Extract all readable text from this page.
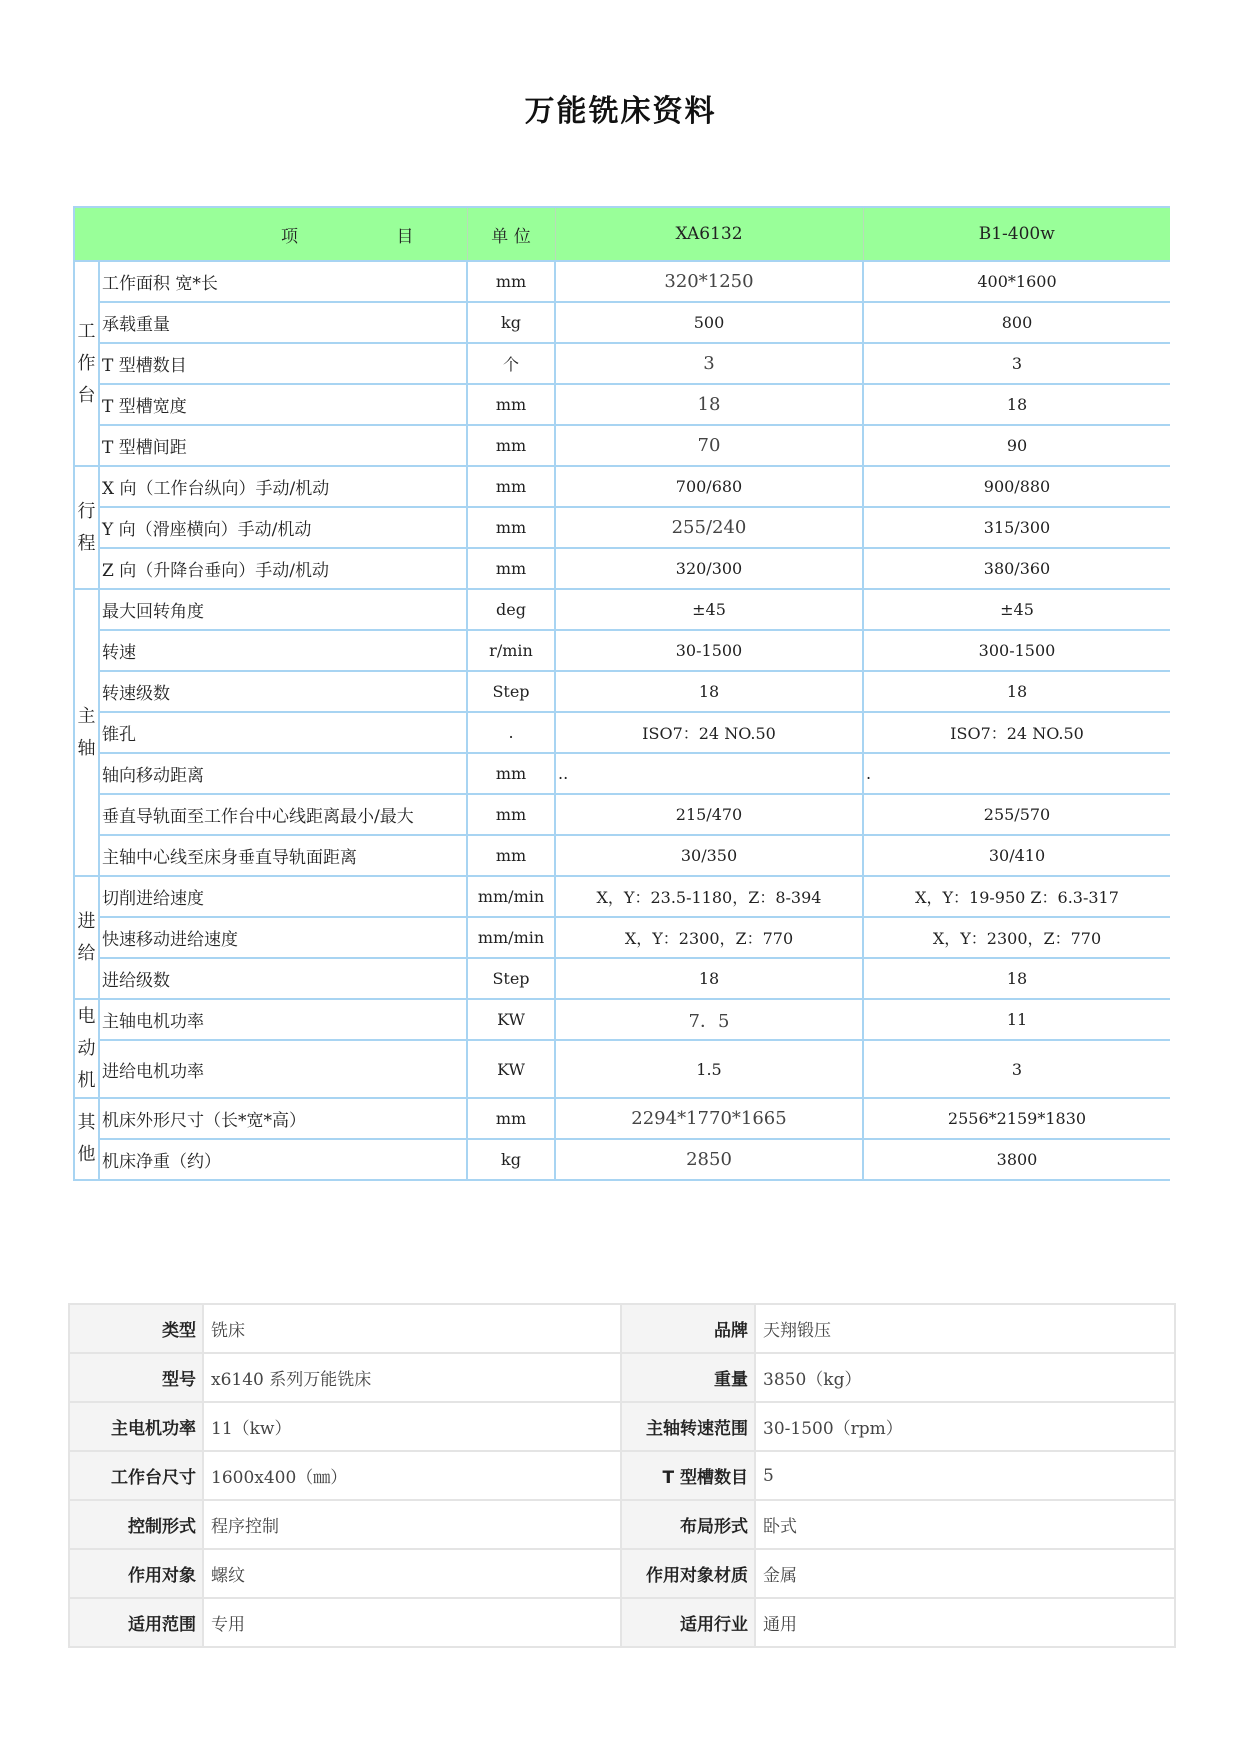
万能铣床资料
项 目		单 位	XA6132	B1-400w
工作台	工作面积 宽*长	mm	320*1250	400*1600
	承载重量	kg	500	800
	T 型槽数目	个	3	3
	T 型槽宽度	mm	18	18
	T 型槽间距	mm	70	90
行程	X 向（工作台纵向）手动/机动	mm	700/680	900/880
	Y 向（滑座横向）手动/机动	mm	255/240	315/300
	Z 向（升降台垂向）手动/机动	mm	320/300	380/360
主轴	最大回转角度	deg	±45	±45
	转速	r/min	30-1500	300-1500
	转速级数	Step	18	18
	锥孔	.	ISO7：24 NO.50	ISO7：24 NO.50
	轴向移动距离	mm	..	.
	垂直导轨面至工作台中心线距离最小/最大	mm	215/470	255/570
	主轴中心线至床身垂直导轨面距离	mm	30/350	30/410
进给	切削进给速度	mm/min	X，Y：23.5-1180，Z：8-394	X，Y：19-950 Z：6.3-317
	快速移动进给速度	mm/min	X，Y：2300，Z：770	X，Y：2300，Z：770
	进给级数	Step	18	18
电动机	主轴电机功率	KW	7．5	11
	进给电机功率	KW	1.5	3
其他	机床外形尺寸（长*宽*高）	mm	2294*1770*1665	2556*2159*1830
	机床净重（约）	kg	2850	3800
类型	铣床	品牌	天翔锻压
型号	x6140 系列万能铣床	重量	3850（kg）
主电机功率	11（kw）	主轴转速范围	30-1500（rpm）
工作台尺寸	1600x400（㎜）	T 型槽数目	5
控制形式	程序控制	布局形式	卧式
作用对象	螺纹	作用对象材质	金属
适用范围	专用	适用行业	通用
